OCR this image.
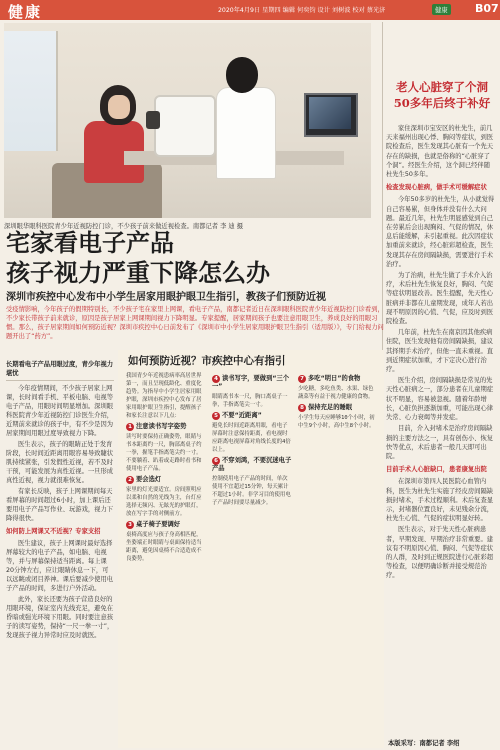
健康	2020年4月9日 星期四 编辑 何奕钧 设计 刘树波 校对 蔡光济	健康 B07
深圳眼华眼科医院青少年近视防控门诊，不少孩子前来做近视检查。南都记者 李 迪 摄
老人心脏穿了个洞
50多年后终于补好

家住深圳市宝安区的杜先生，前几天来福州出现心悸、胸闷等症状，到医院检查后，医生发现其心脏有一个先天存在的缺损，也就是俗称的“心脏穿了个洞”。经医生介绍，这个洞已经伴随杜先生50多年。

检查发现心脏病，做手术可缓解症状

今年50多岁的杜先生，从小就觉得自己容易累，但身体并没有什么大问题。最近几年，杜先生明显感觉到自己在劳累后会出现胸闷、气促的情况，休息后能缓解，未引起重视。此次因症状加重前来就诊，经心脏彩超检查，医生发现其存在房间隔缺损，需要进行手术治疗。

为了治病，杜先生做了手术介入治疗，术后杜先生恢复良好，胸闷、气促等症状明显改善。医生提醒，先天性心脏病并非都在儿童期发现，成年人若出现不明原因的心慌、气促，应及时到医院检查。

几年前，杜先生在南京因其他疾病住院，医生发现他有房间隔缺损，建议其择期手术治疗，但他一直未重视。直到近期症状加重，才下定决心进行治疗。

医生介绍，房间隔缺损是常见的先天性心脏病之一，部分患者在儿童期症状不明显，容易被忽视。随着年龄增长，心脏负担逐渐加重，可能出现心律失常、心力衰竭等并发症。

目前，介入封堵术是治疗房间隔缺损的主要方法之一，具有创伤小、恢复快等优点，术后患者一般几天即可出院。

目前手术人心脏缺口，患者康复出院

在深圳市第四人民医院心血管内科，医生为杜先生实施了经皮房间隔缺损封堵术，手术过程顺利。术后复查显示，封堵器位置良好，未见残余分流，杜先生心慌、气促的症状明显好转。

医生表示，对于先天性心脏病患者，早期发现、早期治疗非常重要。建议有不明原因心慌、胸闷、气促等症状的人群，及时到正规医院进行心脏彩超等检查，以便明确诊断并接受规范治疗。

宅家看电子产品
孩子视力严重下降怎么办
深圳市疾控中心发布中小学生居家用眼护眼卫生指引，教孩子们预防近视
受疫情影响，今年孩子的假期特别长，不少孩子宅在家里上网课，看电子产品，南都记者近日在深圳眼科医院青少年近视防控门诊看到，不少家长带孩子前来就诊，原因是孩子居家上网课期间视力下降明显。专家提醒，居家期间孩子也要注意用眼卫生，养成良好的用眼习惯。那么，孩子居家期间如何预防近视？深圳市疾控中心日前发布了《深圳市中小学生居家用眼护眼卫生指引（适用版）》，专门给视力问题开出了“药方”。

长期看电子产品用眼过度，青少年视力堪忧

今年疫情期间，不少孩子居家上网课，长时间看手机、平板电脑、电视等电子产品，用眼时间明显增加。深圳眼科医院青少年近视防控门诊医生介绍，近期前来就诊的孩子中，有不少是因为居家期间用眼过度导致视力下降。

医生表示，孩子的眼睛正处于发育阶段，长时间近距离用眼容易导致睫状肌持续紧张，引发假性近视，若不及时干预，可能发展为真性近视。一旦形成真性近视，视力就很难恢复。

有家长反映，孩子上网课期间每天看屏幕的时间超过6小时，加上课后还要用电子产品写作业、玩游戏，视力下降得很快。

如何防上网课又不近视？专家支招

医生建议，孩子上网课时最好选择屏幕较大的电子产品，如电脑、电视等，并与屏幕保持适当距离。每上课20分钟左右，应让眼睛休息一下，可以远眺或闭目养神。课后要减少使用电子产品的时间，多进行户外活动。

此外，家长还要为孩子营造良好的用眼环境，保证室内光线充足，避免在昏暗或强光环境下用眼。同时要注意孩子的读写姿势，保持“一尺一拳一寸”，发现孩子视力异常时应及时就医。

如何预防近视？市疾控中心有指引

我国青少年近视患病率高居世界第一，而且呈现低龄化、重度化趋势。为指导中小学生居家用眼护眼，深圳市疾控中心发布了居家用眼护眼卫生指引，提醒孩子和家长注意以下几点：

1 注意读书写字姿势

读写时要保持正确姿势，眼睛与书本距离约一尺，胸部离桌子约一拳，握笔手指离笔尖约一寸。不要躺着、趴着或走路时看书和使用电子产品。

2 要会选灯

家里的灯光要适宜。房间照明应以柔和自然的光线为主，台灯应选择无频闪、无眩光的护眼灯，放在写字手的对侧前方。

3 桌子椅子要调好

桌椅高度应与孩子身高相匹配，坐姿端正时眼睛与桌面保持适当距离，避免因桌椅不合适造成不良姿势。

4 读书写字，要做到“三个一”

眼睛离书本一尺，胸口离桌子一拳，手指离笔尖一寸。

5 不要“近距离”

避免长时间近距离用眼，看电子屏幕时注意保持距离，看电视时应距离电视屏幕对角线长度的4倍以上。

6 不穿刘鸿，不要沉迷电子产品

控制使用电子产品的时间，单次使用不宜超过15分钟，每天累计不超过1小时。非学习目的使用电子产品时间要尽量减少。

7 多吃“明日”的食物

少吃糖，多吃鱼类、水果、绿色蔬菜等有益于视力健康的食物。

8 保持充足的睡眠

小学生每天应睡够10个小时，初中生9个小时，高中生8个小时。

本版采写：南都记者 李绍
